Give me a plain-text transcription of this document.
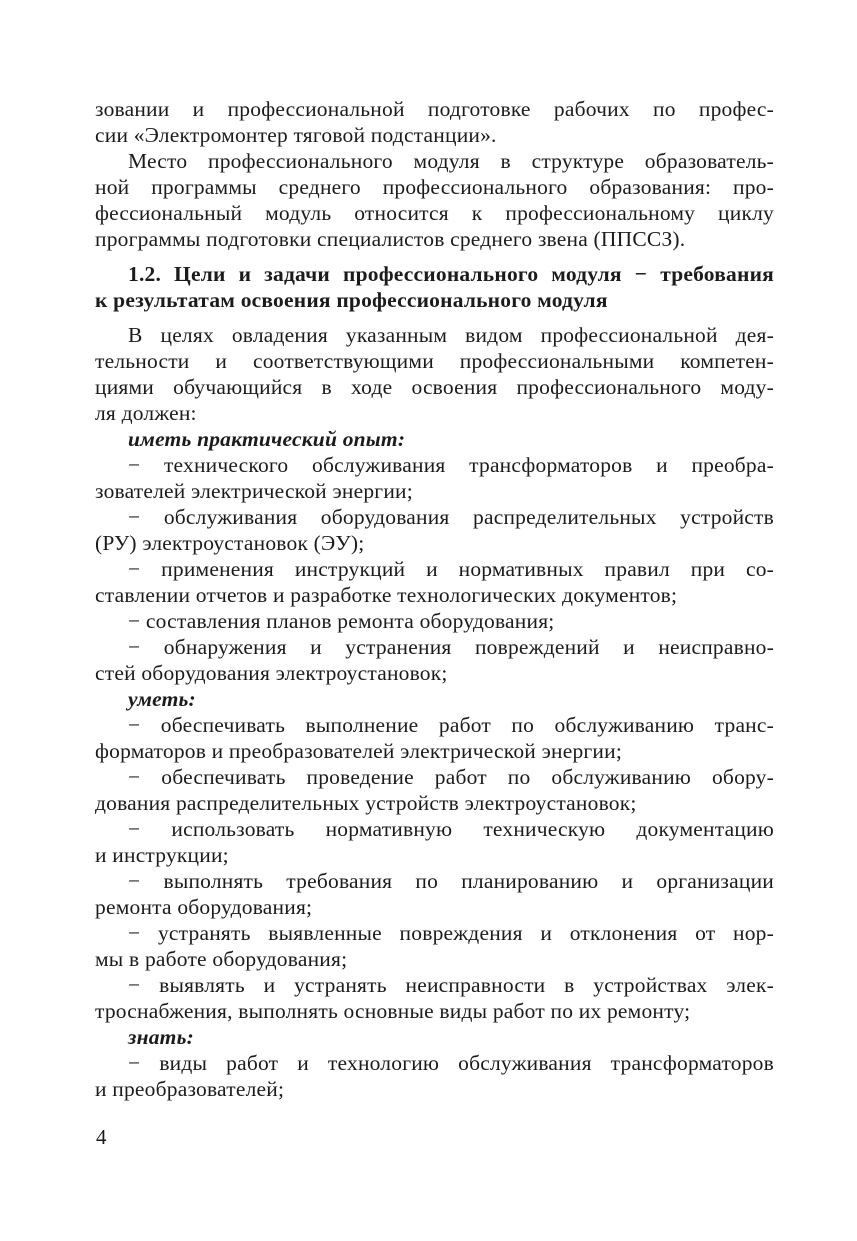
зовании и профессиональной подготовке рабочих по профес-
сии «Электромонтер тяговой подстанции».
Место профессионального модуля в структуре образователь-
ной программы среднего профессионального образования: про-
фессиональный модуль относится к профессиональному циклу
программы подготовки специалистов среднего звена (ППССЗ).
1.2. Цели и задачи профессионального модуля − требования
к результатам освоения профессионального модуля
В целях овладения указанным видом профессиональной дея-
тельности и соответствующими профессиональными компетен-
циями обучающийся в ходе освоения профессионального моду-
ля должен:
иметь практический опыт:
− технического обслуживания трансформаторов и преобра-
зователей электрической энергии;
− обслуживания оборудования распределительных устройств
(РУ) электроустановок (ЭУ);
− применения инструкций и нормативных правил при со-
ставлении отчетов и разработке технологических документов;
− составления планов ремонта оборудования;
− обнаружения и устранения повреждений и неисправно-
стей оборудования электроустановок;
уметь:
− обеспечивать выполнение работ по обслуживанию транс-
форматоров и преобразователей электрической энергии;
− обеспечивать проведение работ по обслуживанию обору-
дования распределительных устройств электроустановок;
− использовать нормативную техническую документацию
и инструкции;
− выполнять требования по планированию и организации
ремонта оборудования;
− устранять выявленные повреждения и отклонения от нор-
мы в работе оборудования;
− выявлять и устранять неисправности в устройствах элек-
троснабжения, выполнять основные виды работ по их ремонту;
знать:
− виды работ и технологию обслуживания трансформаторов
и преобразователей;
4
